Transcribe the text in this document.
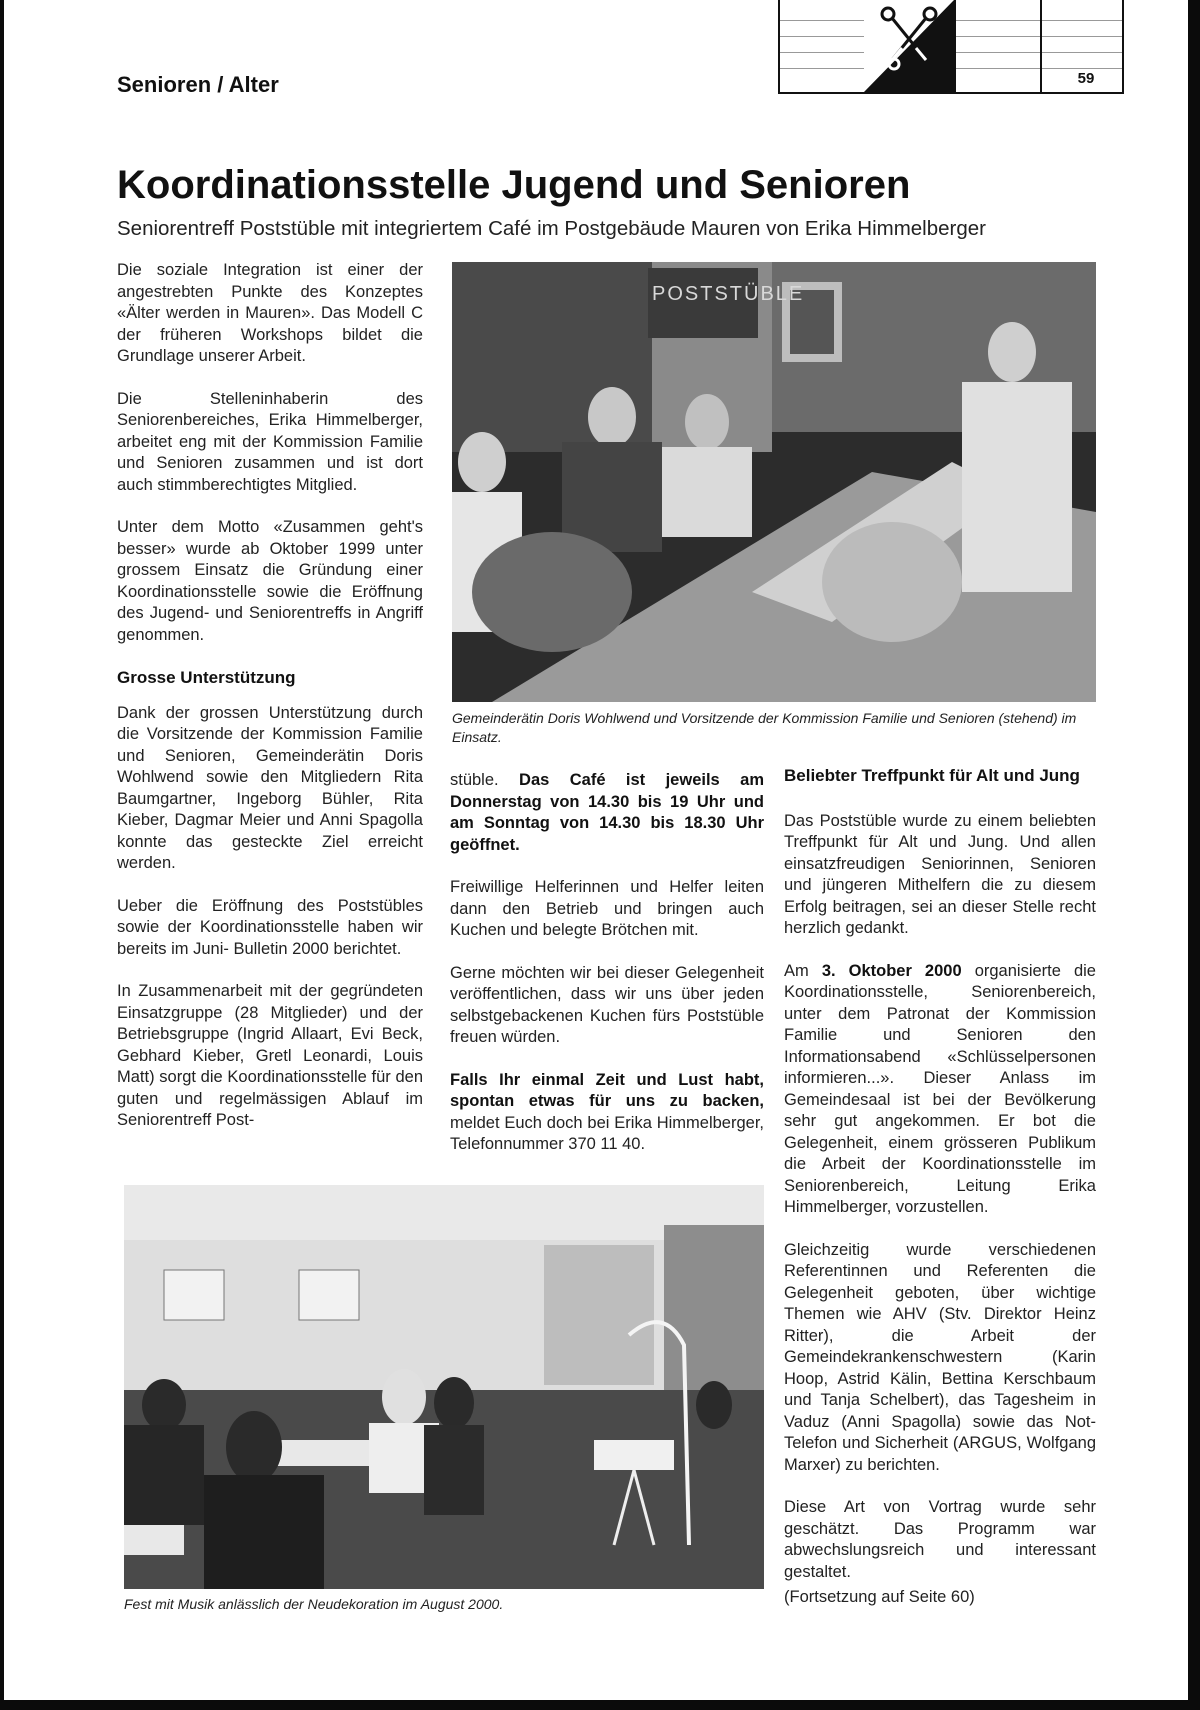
Senioren / Alter	59
Koordinationsstelle Jugend und Senioren
Seniorentreff Poststüble mit integriertem Café im Postgebäude Mauren von Erika Himmelberger

Die soziale Integration ist einer der angestrebten Punkte des Konzeptes «Älter werden in Mauren». Das Modell C der früheren Workshops bildet die Grundlage unserer Arbeit.

Die Stelleninhaberin des Seniorenbereiches, Erika Himmelberger, arbeitet eng mit der Kommission Familie und Senioren zusammen und ist dort auch stimmberechtigtes Mitglied.

Unter dem Motto «Zusammen geht's besser» wurde ab Oktober 1999 unter grossem Einsatz die Gründung einer Koordinationsstelle sowie die Eröffnung des Jugend- und Seniorentreffs in Angriff genommen.

Grosse Unterstützung

Dank der grossen Unterstützung durch die Vorsitzende der Kommission Familie und Senioren, Gemeinderätin Doris Wohlwend sowie den Mitgliedern Rita Baumgartner, Ingeborg Bühler, Rita Kieber, Dagmar Meier und Anni Spagolla konnte das gesteckte Ziel erreicht werden.

Ueber die Eröffnung des Poststübles sowie der Koordinationsstelle haben wir bereits im Juni- Bulletin 2000 berichtet.

In Zusammenarbeit mit der gegründeten Einsatzgruppe (28 Mitglieder) und der Betriebsgruppe (Ingrid Allaart, Evi Beck, Gebhard Kieber, Gretl Leonardi, Louis Matt) sorgt die Koordinationsstelle für den guten und regelmässigen Ablauf im Seniorentreff Post-

POSTSTÜBLE
Gemeinderätin Doris Wohlwend und Vorsitzende der Kommission Familie und Senioren (stehend) im Einsatz.

stüble. Das Café ist jeweils am Donnerstag von 14.30 bis 19 Uhr und am Sonntag von 14.30 bis 18.30 Uhr geöffnet.

Freiwillige Helferinnen und Helfer leiten dann den Betrieb und bringen auch Kuchen und belegte Brötchen mit.

Gerne möchten wir bei dieser Gelegenheit veröffentlichen, dass wir uns über jeden selbstgebackenen Kuchen fürs Poststüble freuen würden.

Falls Ihr einmal Zeit und Lust habt, spontan etwas für uns zu backen, meldet Euch doch bei Erika Himmelberger, Telefonnummer 370 11 40.

Beliebter Treffpunkt für Alt und Jung

Das Poststüble wurde zu einem beliebten Treffpunkt für Alt und Jung. Und allen einsatzfreudigen Seniorinnen, Senioren und jüngeren Mithelfern die zu diesem Erfolg beitragen, sei an dieser Stelle recht herzlich gedankt.

Am 3. Oktober 2000 organisierte die Koordinationsstelle, Seniorenbereich, unter dem Patronat der Kommission Familie und Senioren den Informationsabend «Schlüsselpersonen informieren...». Dieser Anlass im Gemeindesaal ist bei der Bevölkerung sehr gut angekommen. Er bot die Gelegenheit, einem grösseren Publikum die Arbeit der Koordinationsstelle im Seniorenbereich, Leitung Erika Himmelberger, vorzustellen.

Gleichzeitig wurde verschiedenen Referentinnen und Referenten die Gelegenheit geboten, über wichtige Themen wie AHV (Stv. Direktor Heinz Ritter), die Arbeit der Gemeindekrankenschwestern (Karin Hoop, Astrid Kälin, Bettina Kerschbaum und Tanja Schelbert), das Tagesheim in Vaduz (Anni Spagolla) sowie das Not-Telefon und Sicherheit (ARGUS, Wolfgang Marxer) zu berichten.

Diese Art von Vortrag wurde sehr geschätzt. Das Programm war abwechslungsreich und interessant gestaltet.

(Fortsetzung auf Seite 60)

Fest mit Musik anlässlich der Neudekoration im August 2000.
